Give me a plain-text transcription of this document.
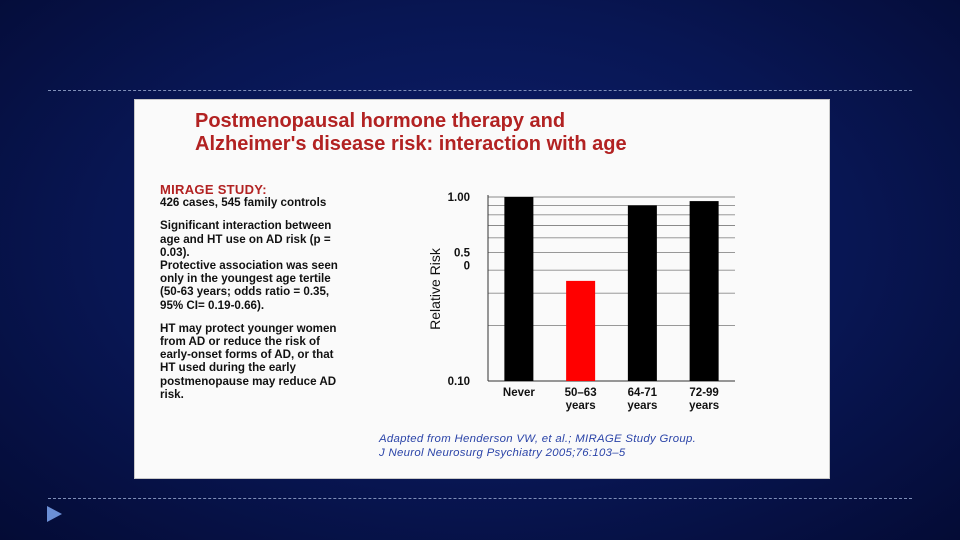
Postmenopausal hormone therapy and
Alzheimer's disease risk: interaction with age
MIRAGE STUDY:
426 cases, 545 family controls
Significant interaction between
age and HT use on AD risk (p =
0.03).
Protective association was seen
only in the youngest age tertile
(50-63 years; odds ratio = 0.35,
95% CI= 0.19-0.66).
HT may protect younger women
from AD or reduce the risk of
early-onset forms of AD, or that
HT used during the early
postmenopause may reduce AD
risk.	Never	50–63
years
64-71
years
72-99
years
1.00
0.5
0
0.10
Relative Risk
Adapted from Henderson VW, et al.; MIRAGE Study Group.
J Neurol Neurosurg Psychiatry 2005;76:103–5
